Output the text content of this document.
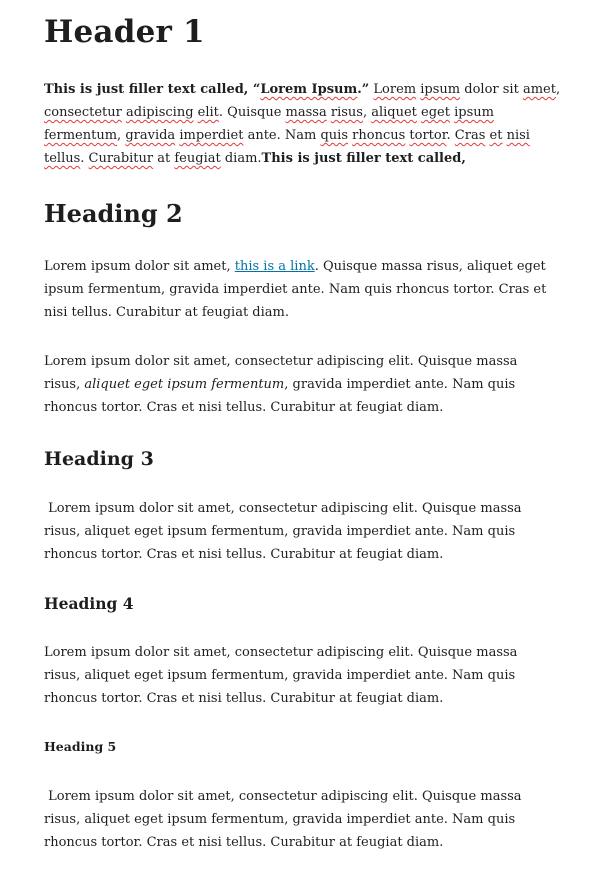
Header 1

This is just filler text called, “Lorem Ipsum.” Lorem ipsum dolor sit amet,
consectetur adipiscing elit. Quisque massa risus, aliquet eget ipsum
fermentum, gravida imperdiet ante. Nam quis rhoncus tortor. Cras et nisi
tellus. Curabitur at feugiat diam.This is just filler text called,

Heading 2

Lorem ipsum dolor sit amet, this is a link. Quisque massa risus, aliquet eget
ipsum fermentum, gravida imperdiet ante. Nam quis rhoncus tortor. Cras et
nisi tellus. Curabitur at feugiat diam.

Lorem ipsum dolor sit amet, consectetur adipiscing elit. Quisque massa
risus, aliquet eget ipsum fermentum, gravida imperdiet ante. Nam quis
rhoncus tortor. Cras et nisi tellus. Curabitur at feugiat diam.

Heading 3

Lorem ipsum dolor sit amet, consectetur adipiscing elit. Quisque massa
risus, aliquet eget ipsum fermentum, gravida imperdiet ante. Nam quis
rhoncus tortor. Cras et nisi tellus. Curabitur at feugiat diam.

Heading 4

Lorem ipsum dolor sit amet, consectetur adipiscing elit. Quisque massa
risus, aliquet eget ipsum fermentum, gravida imperdiet ante. Nam quis
rhoncus tortor. Cras et nisi tellus. Curabitur at feugiat diam.

Heading 5

Lorem ipsum dolor sit amet, consectetur adipiscing elit. Quisque massa
risus, aliquet eget ipsum fermentum, gravida imperdiet ante. Nam quis
rhoncus tortor. Cras et nisi tellus. Curabitur at feugiat diam.
